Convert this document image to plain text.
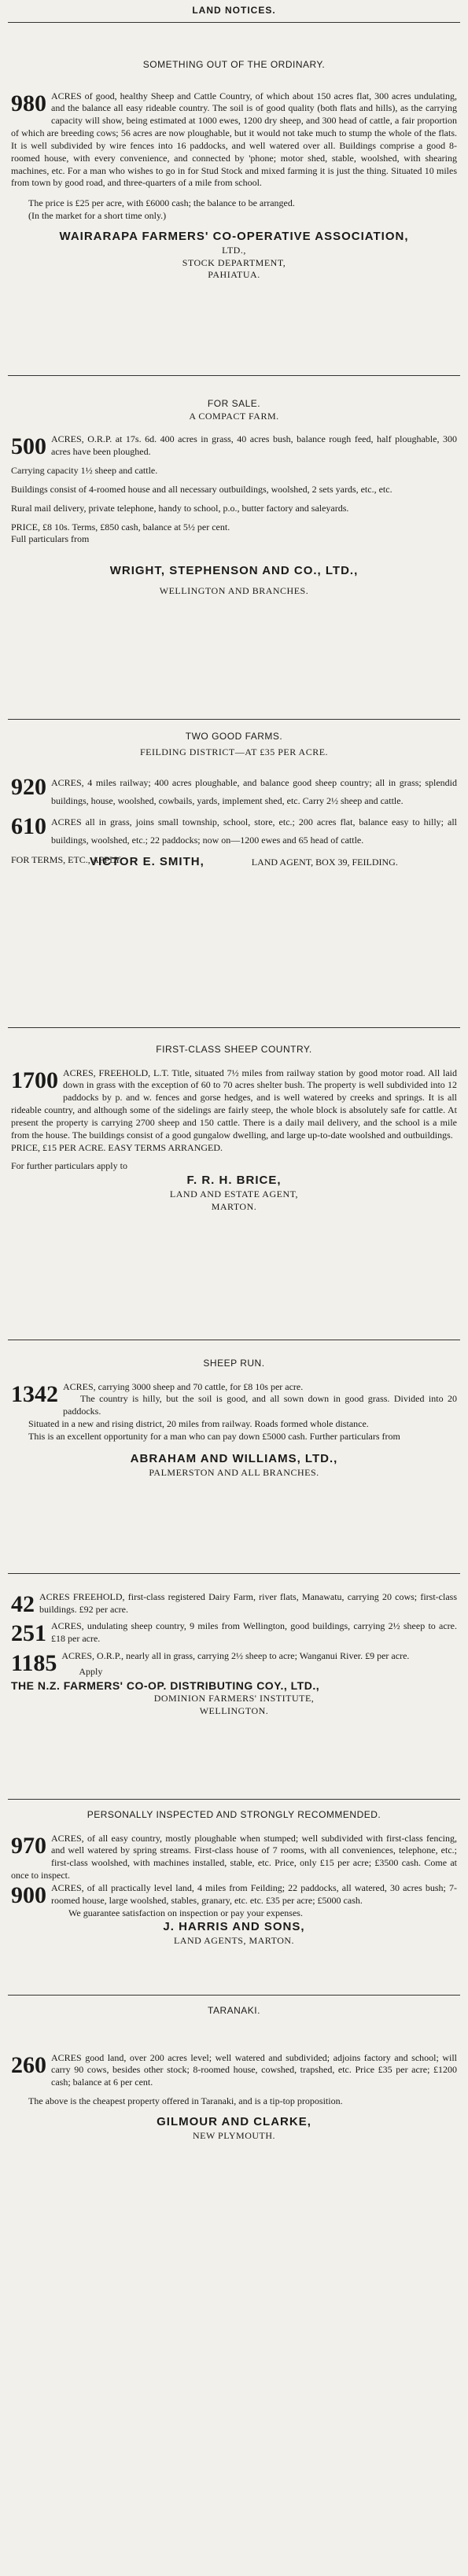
LAND NOTICES.
SOMETHING OUT OF THE ORDINARY.

980 ACRES of good, healthy Sheep and Cattle Country, of which about 150 acres flat, 300 acres undulating, and the balance all easy rideable country. The soil is of good quality (both flats and hills), as the carrying capacity will show, being estimated at 1000 ewes, 1200 dry sheep, and 300 head of cattle, a fair proportion of which are breeding cows; 56 acres are now ploughable, but it would not take much to stump the whole of the flats. It is well subdivided by wire fences into 16 paddocks, and well watered over all. Buildings comprise a good 8-roomed house, with every convenience, and connected by 'phone; motor shed, stable, woolshed, with shearing machines, etc. For a man who wishes to go in for Stud Stock and mixed farming it is just the thing. Situated 10 miles from town by good road, and three-quarters of a mile from school.

The price is £25 per acre, with £6000 cash; the balance to be arranged.

(In the market for a short time only.)

WAIRARAPA FARMERS' CO-OPERATIVE ASSOCIATION,
LTD.,
STOCK DEPARTMENT,
PAHIATUA.
FOR SALE.
A COMPACT FARM.

500 ACRES, O.R.P. at 17s. 6d. 400 acres in grass, 40 acres bush, balance rough feed, half ploughable, 300 acres have been ploughed.

Carrying capacity 1½ sheep and cattle.

Buildings consist of 4-roomed house and all necessary outbuildings, woolshed, 2 sets yards, etc., etc.

Rural mail delivery, private telephone, handy to school, p.o., butter factory and saleyards.

PRICE, £8 10s. Terms, £850 cash, balance at 5½ per cent.

Full particulars from

WRIGHT, STEPHENSON AND CO., LTD.,
WELLINGTON AND BRANCHES.
TWO GOOD FARMS.
FEILDING DISTRICT—AT £35 PER ACRE.

920 ACRES, 4 miles railway; 400 acres ploughable, and balance good sheep country; all in grass; splendid buildings, house, woolshed, cowbails, yards, implement shed, etc. Carry 2½ sheep and cattle.

610 ACRES all in grass, joins small township, school, store, etc.; 200 acres flat, balance easy to hilly; all buildings, woolshed, etc.; 22 paddocks; now on—1200 ewes and 65 head of cattle.

FOR TERMS, ETC., APPLY

VICTOR E. SMITH,	LAND AGENT, BOX 39, FEILDING.
FIRST-CLASS SHEEP COUNTRY.

1700 ACRES, FREEHOLD, L.T. Title, situated 7½ miles from railway station by good motor road. All laid down in grass with the exception of 60 to 70 acres shelter bush. The property is well subdivided into 12 paddocks by p. and w. fences and gorse hedges, and is well watered by creeks and springs. It is all rideable country, and although some of the sidelings are fairly steep, the whole block is absolutely safe for cattle. At present the property is carrying 2700 sheep and 150 cattle. There is a daily mail delivery, and the school is a mile from the house. The buildings consist of a good gungalow dwelling, and large up-to-date woolshed and outbuildings.

PRICE, £15 PER ACRE. EASY TERMS ARRANGED.

For further particulars apply to

F. R. H. BRICE,
LAND AND ESTATE AGENT,
MARTON.
SHEEP RUN.

1342 ACRES, carrying 3000 sheep and 70 cattle, for £8 10s per acre.

The country is hilly, but the soil is good, and all sown down in good grass. Divided into 20 paddocks.

Situated in a new and rising district, 20 miles from railway. Roads formed whole distance.

This is an excellent opportunity for a man who can pay down £5000 cash. Further particulars from

ABRAHAM AND WILLIAMS, LTD.,
PALMERSTON AND ALL BRANCHES.

42 ACRES FREEHOLD, first-class registered Dairy Farm, river flats, Manawatu, carrying 20 cows; first-class buildings. £92 per acre.

251 ACRES, undulating sheep country, 9 miles from Wellington, good buildings, carrying 2½ sheep to acre. £18 per acre.

1185 ACRES, O.R.P., nearly all in grass, carrying 2½ sheep to acre; Wanganui River. £9 per acre.

Apply

THE N.Z. FARMERS' CO-OP. DISTRIBUTING COY., LTD.,
DOMINION FARMERS' INSTITUTE,
WELLINGTON.
PERSONALLY INSPECTED AND STRONGLY RECOMMENDED.

970 ACRES, of all easy country, mostly ploughable when stumped; well subdivided with first-class fencing, and well watered by spring streams. First-class house of 7 rooms, with all conveniences, telephone, etc.; first-class woolshed, with machines installed, stable, etc. Price, only £15 per acre; £3500 cash. Come at once to inspect.

900 ACRES, of all practically level land, 4 miles from Feilding; 22 paddocks, all watered, 30 acres bush; 7-roomed house, large woolshed, stables, granary, etc. etc. £35 per acre; £5000 cash.

We guarantee satisfaction on inspection or pay your expenses.

J. HARRIS AND SONS,
LAND AGENTS, MARTON.
TARANAKI.

260 ACRES good land, over 200 acres level; well watered and subdivided; adjoins factory and school; will carry 90 cows, besides other stock; 8-roomed house, cowshed, trapshed, etc. Price £35 per acre; £1200 cash; balance at 6 per cent.

The above is the cheapest property offered in Taranaki, and is a tip-top proposition.

GILMOUR AND CLARKE,
NEW PLYMOUTH.
